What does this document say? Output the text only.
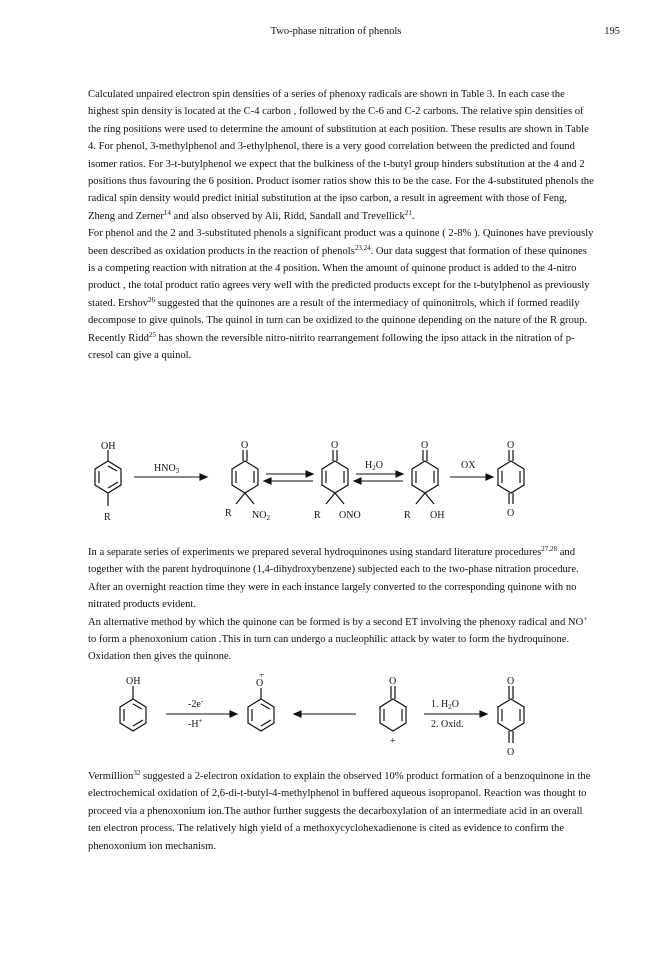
Two-phase nitration of phenols	195

Calculated unpaired electron spin densities of a series of phenoxy radicals are shown in Table 3. In each case the highest spin density is located at the C-4 carbon , followed by the C-6 and C-2 carbons. The relative spin densities of the ring positions were used to determine the amount of substitution at each position. These results are shown in Table 4. For phenol, 3-methylphenol and 3-ethylphenol, there is a very good correlation between the predicted and found isomer ratios. For 3-t-butylphenol we expect that the bulkiness of the t-butyl group hinders substitution at the 4 and 2 positions thus favouring the 6 position. Product isomer ratios show this to be the case. For the 4-substituted phenols the radical spin density would predict initial substitution at the ipso carbon, a result in agreement with those of Feng, Zheng and Zerner$^{14}$ and also observed by Ali, Ridd, Sandall and Trevellick$^{21}$.

For phenol and the 2 and 3-substituted phenols a significant product was a quinone ( 2-8% ). Quinones have previously been described as oxidation products in the reaction of phenols$^{23,24}$. Our data suggest that formation of these quinones is a competing reaction with nitration at the 4 position. When the amount of quinone product is added to the 4-nitro product , the total product ratio agrees very well with the predicted products except for the t-butylphenol as previously stated. Ershov$^{26}$ suggested that the quinones are a result of the intermediacy of quinonitrols, which if formed readily decompose to give quinols. The quinol in turn can be oxidized to the quinone depending on the nature of the R group. Recently Ridd$^{25}$ has shown the reversible nitro-nitrito rearrangement following the ipso attack in the nitration of p-cresol can give a quinol.

OH
R
$HNO_3$
O
R $NO_2$
O
R ONO
$H_2O$
O
R OH
OX
O
O

In a separate series of experiments we prepared several hydroquinones using standard literature procedures$^{27,28}$ and together with the parent hydroquinone (1,4-dihydroxybenzene) subjected each to the two-phase nitration procedure. After an overnight reaction time they were in each instance largely converted to the corresponding quinone with no nitrated products evident.

An alternative method by which the quinone can be formed is by a second ET involving the phenoxy radical and NO+ to form a phenoxonium cation .This in turn can undergo a nucleophilic attack by water to form the hydroquinone. Oxidation then gives the quinone.

OH
-2e-
-H+
O
+
O
+
1. $H_2O$
2. Oxid.
O
O

Vermillion$^{32}$ suggested a 2-electron oxidation to explain the observed 10% product formation of a benzoquinone in the electrochemical oxidation of 2,6-di-t-butyl-4-methylphenol in buffered aqueous isopropanol. Reaction was thought to proceed via a phenoxonium ion.The author further suggests the decarboxylation of an intermediate acid in an overall ten electron process. The relatively high yield of a methoxycyclohexadienone is cited as evidence to confirm the phenoxonium ion mechanism.
